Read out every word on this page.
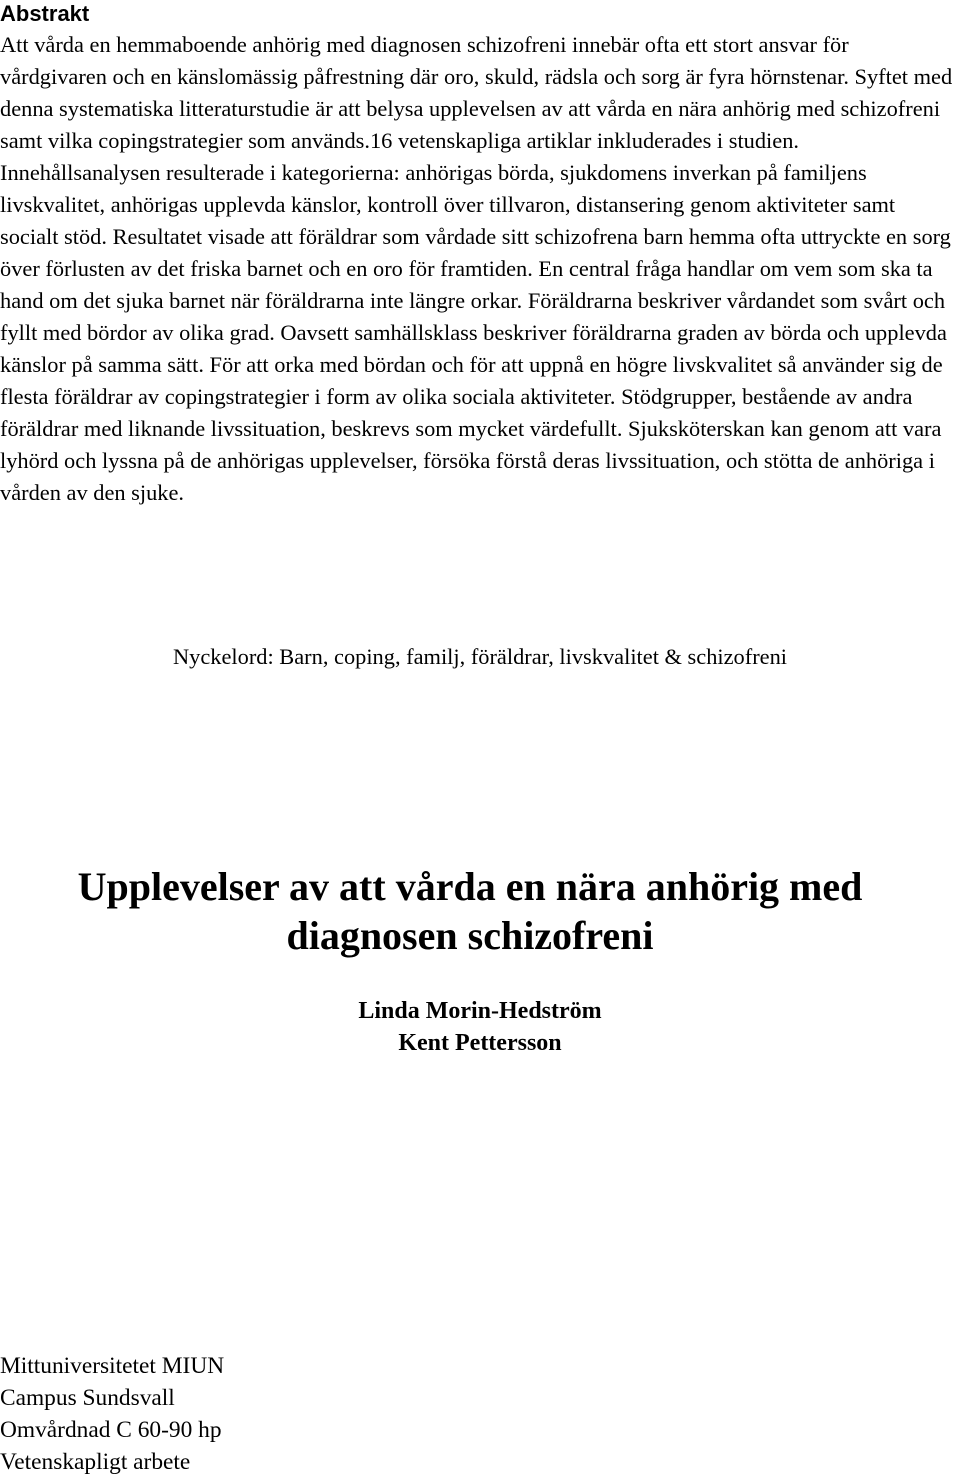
Abstrakt

Att vårda en hemmaboende anhörig med diagnosen schizofreni innebär ofta ett stort ansvar för vårdgivaren och en känslomässig påfrestning där oro, skuld, rädsla och sorg är fyra hörnstenar. Syftet med denna systematiska litteraturstudie är att belysa upplevelsen av att vårda en nära anhörig med schizofreni samt vilka copingstrategier som används.16 vetenskapliga artiklar inkluderades i studien. Innehållsanalysen resulterade i kategorierna: anhörigas börda, sjukdomens inverkan på familjens livskvalitet, anhörigas upplevda känslor, kontroll över tillvaron, distansering genom aktiviteter samt socialt stöd. Resultatet visade att föräldrar som vårdade sitt schizofrena barn hemma ofta uttryckte en sorg över förlusten av det friska barnet och en oro för framtiden. En central fråga handlar om vem som ska ta hand om det sjuka barnet när föräldrarna inte längre orkar. Föräldrarna beskriver vårdandet som svårt och fyllt med bördor av olika grad. Oavsett samhällsklass beskriver föräldrarna graden av börda och upplevda känslor på samma sätt. För att orka med bördan och för att uppnå en högre livskvalitet så använder sig de flesta föräldrar av copingstrategier i form av olika sociala aktiviteter. Stödgrupper, bestående av andra föräldrar med liknande livssituation, beskrevs som mycket värdefullt. Sjuksköterskan kan genom att vara lyhörd och lyssna på de anhörigas upplevelser, försöka förstå deras livssituation, och stötta de anhöriga i vården av den sjuke.

Nyckelord: Barn, coping, familj, föräldrar, livskvalitet & schizofreni

Upplevelser av att vårda en nära anhörig med diagnosen schizofreni
Linda Morin-Hedström
Kent Pettersson
Mittuniversitetet MIUN
Campus Sundsvall
Omvårdnad C 60-90 hp
Vetenskapligt arbete
